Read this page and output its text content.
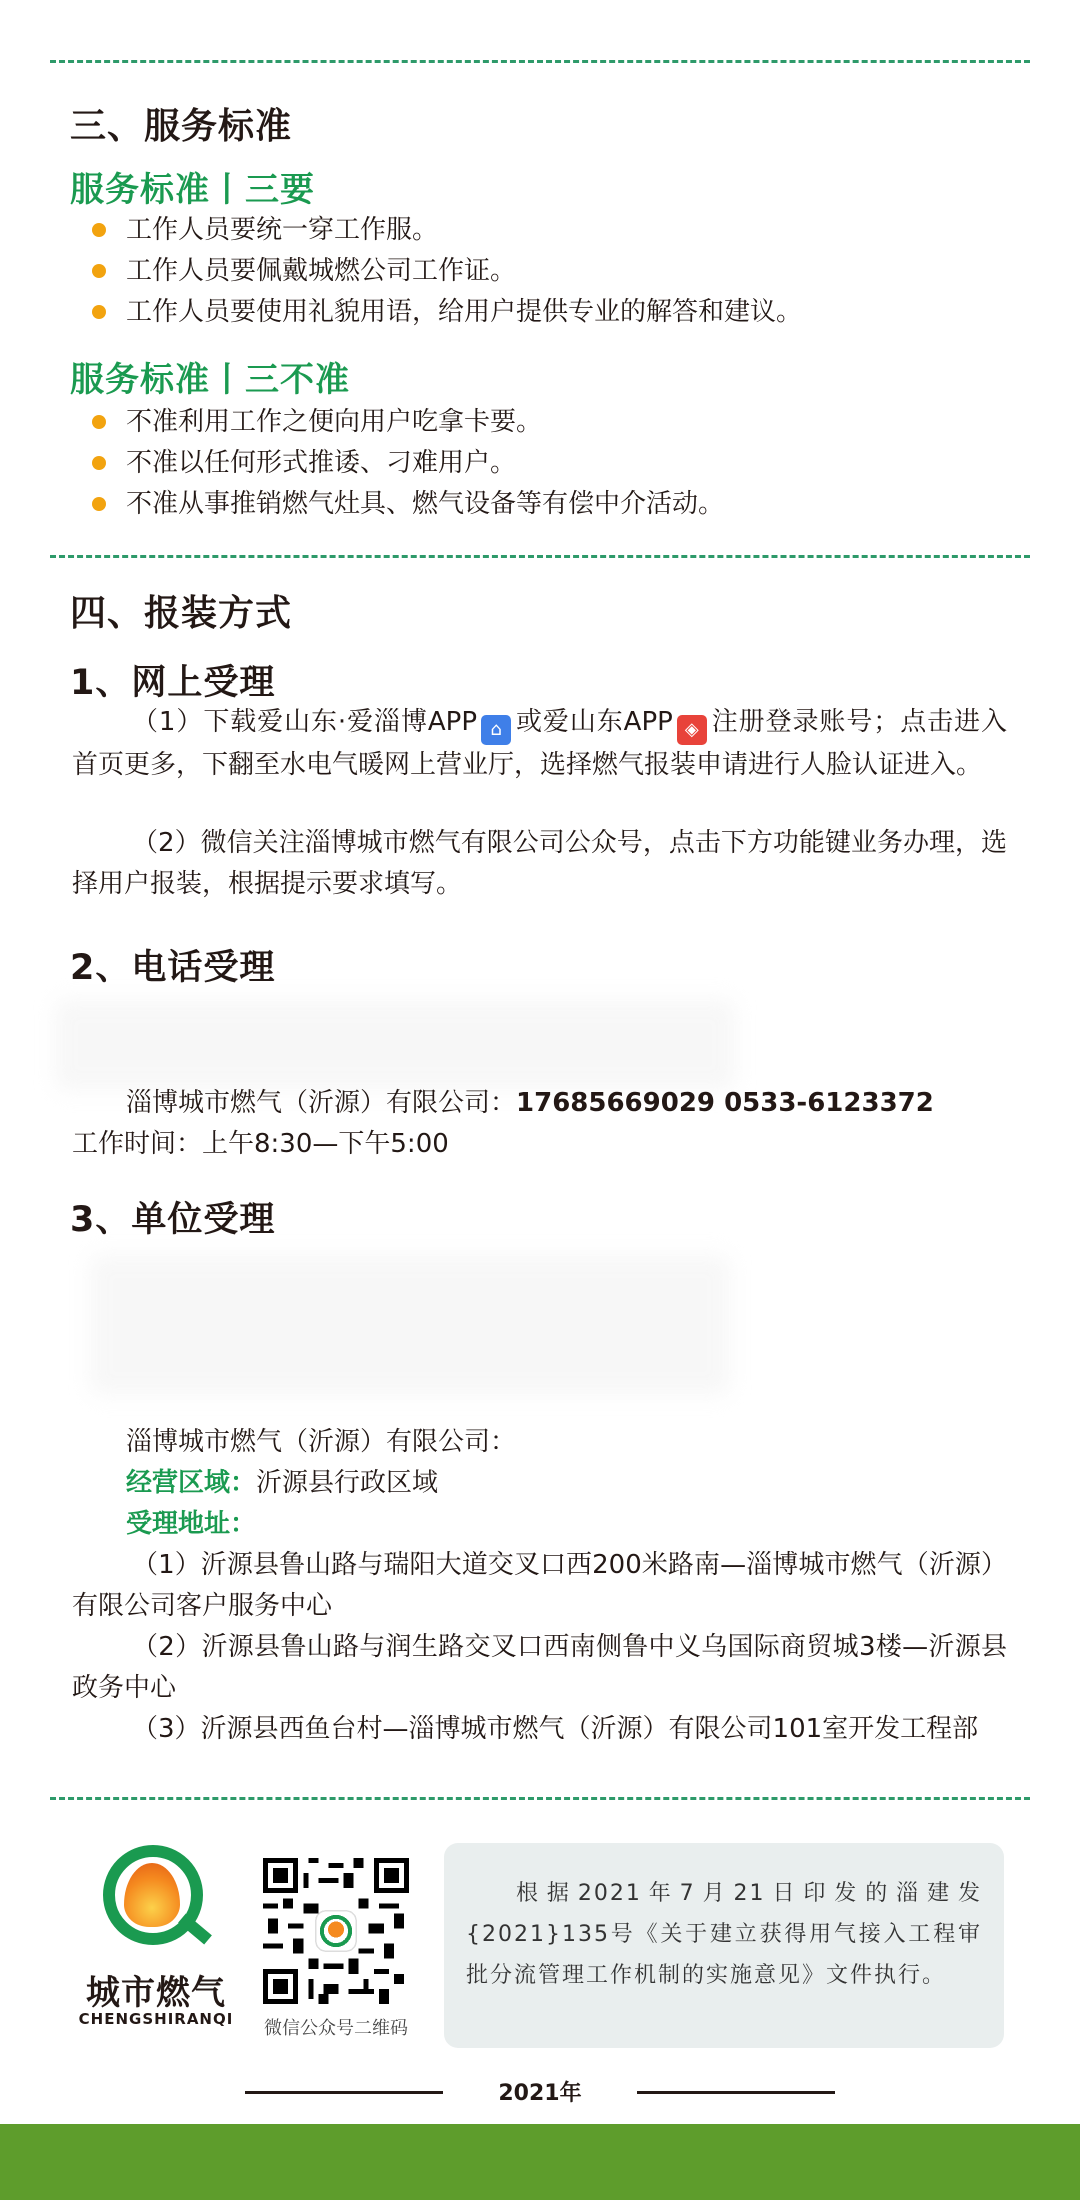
三、服务标准
服务标准丨三要
工作人员要统一穿工作服。
工作人员要佩戴城燃公司工作证。
工作人员要使用礼貌用语，给用户提供专业的解答和建议。
服务标准丨三不准
不准利用工作之便向用户吃拿卡要。
不准以任何形式推诿、刁难用户。
不准从事推销燃气灶具、燃气设备等有偿中介活动。
四、报装方式
1、网上受理

（1）下载爱山东·爱淄博APP ⌂ 或爱山东APP ◈ 注册登录账号；点击进入首页更多，下翻至水电气暖网上营业厅，选择燃气报装申请进行人脸认证进入。

（2）微信关注淄博城市燃气有限公司公众号，点击下方功能键业务办理，选择用户报装，根据提示要求填写。

2、电话受理

淄博城市燃气（沂源）有限公司：17685669029 0533-6123372

工作时间：上午8:30—下午5:00

3、单位受理

淄博城市燃气（沂源）有限公司：

经营区域：沂源县行政区域

受理地址：

（1）沂源县鲁山路与瑞阳大道交叉口西200米路南—淄博城市燃气（沂源）有限公司客户服务中心

（2）沂源县鲁山路与润生路交叉口西南侧鲁中义乌国际商贸城3楼—沂源县政务中心

（3）沂源县西鱼台村—淄博城市燃气（沂源）有限公司101室开发工程部

城市燃气
CHENGSHIRANQI	微信公众号二维码

根据2021年7月21日印发的淄建发{2021}135号《关于建立获得用气接入工程审批分流管理工作机制的实施意见》文件执行。

2021年
